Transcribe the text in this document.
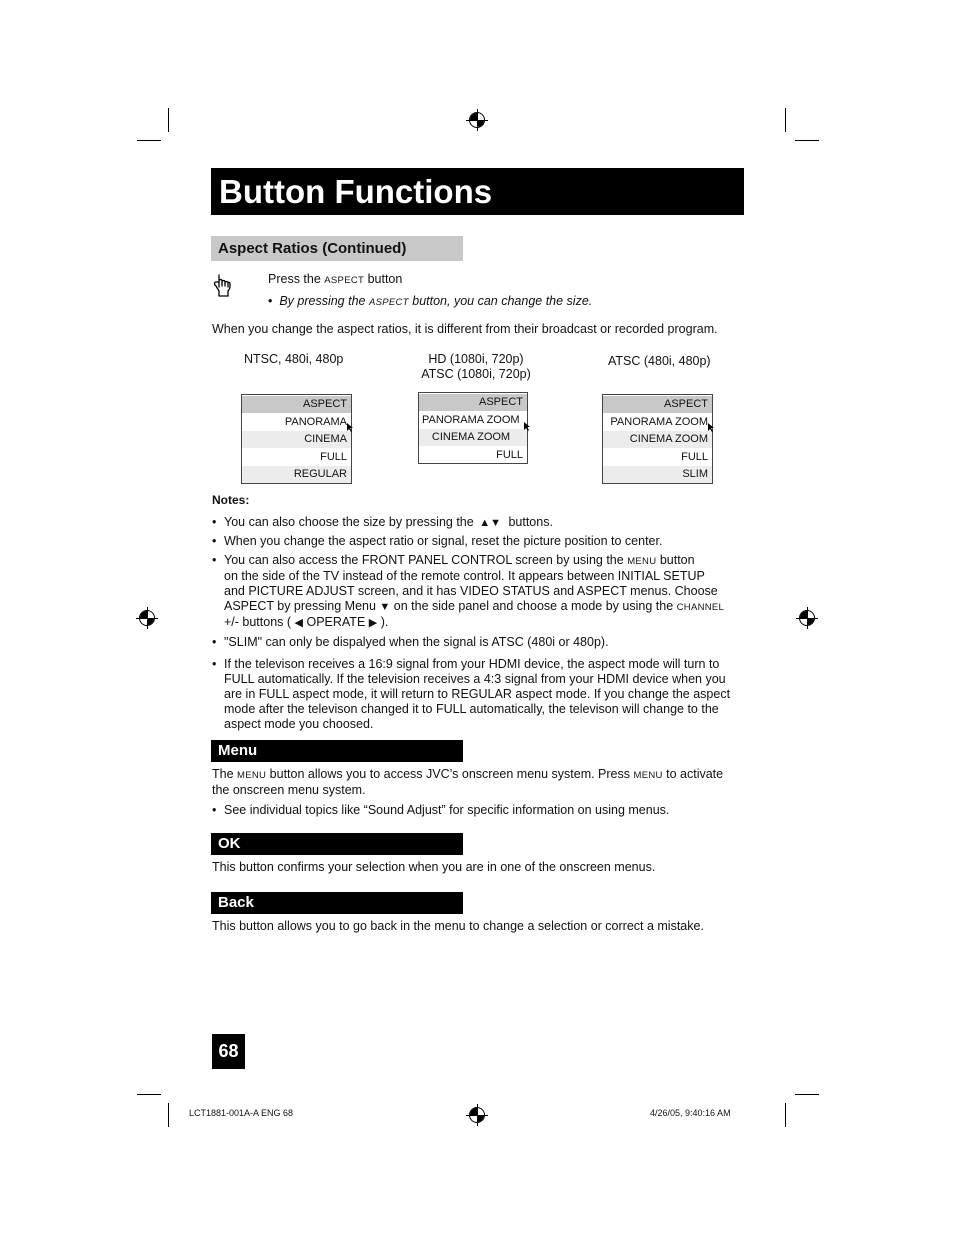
Button Functions
Aspect Ratios (Continued)
Press the ASPECT button
•  By pressing the ASPECT button, you can change the size.
When you change the aspect ratios, it is different from their broadcast or recorded program.
NTSC, 480i, 480p	HD (1080i, 720p)
ATSC (1080i, 720p)
ATSC (480i, 480p)
ASPECT
PANORAMA
CINEMA
FULL
REGULAR
ASPECT
PANORAMA ZOOM
CINEMA ZOOM
FULL
ASPECT
PANORAMA ZOOM
CINEMA ZOOM
FULL
SLIM
Notes:
• You can also choose the size by pressing the ▲▼ buttons.
• When you change the aspect ratio or signal, reset the picture position to center.
• You can also access the FRONT PANEL CONTROL screen by using the MENU button
on the side of the TV instead of the remote control. It appears between INITIAL SETUP
and PICTURE ADJUST screen, and it has VIDEO STATUS and ASPECT menus. Choose
ASPECT by pressing Menu ▼ on the side panel and choose a mode by using the CHANNEL
+/- buttons ( ◀ OPERATE ▶ ).
• "SLIM" can only be dispalyed when the signal is ATSC (480i or 480p).
• If the televison receives a 16:9 signal from your HDMI device, the aspect mode will turn to
FULL automatically. If the television receives a 4:3 signal from your HDMI device when you
are in FULL aspect mode, it will return to REGULAR aspect mode. If you change the aspect
mode after the televison changed it to FULL automatically, the televison will change to the
aspect mode you choosed.
Menu
The MENU button allows you to access JVC’s onscreen menu system. Press MENU to activate
the onscreen menu system.
• See individual topics like “Sound Adjust” for specific information on using menus.
OK
This button confirms your selection when you are in one of the onscreen menus.
Back
This button allows you to go back in the menu to change a selection or correct a mistake.
68
LCT1881-001A-A ENG 68	4/26/05, 9:40:16 AM
